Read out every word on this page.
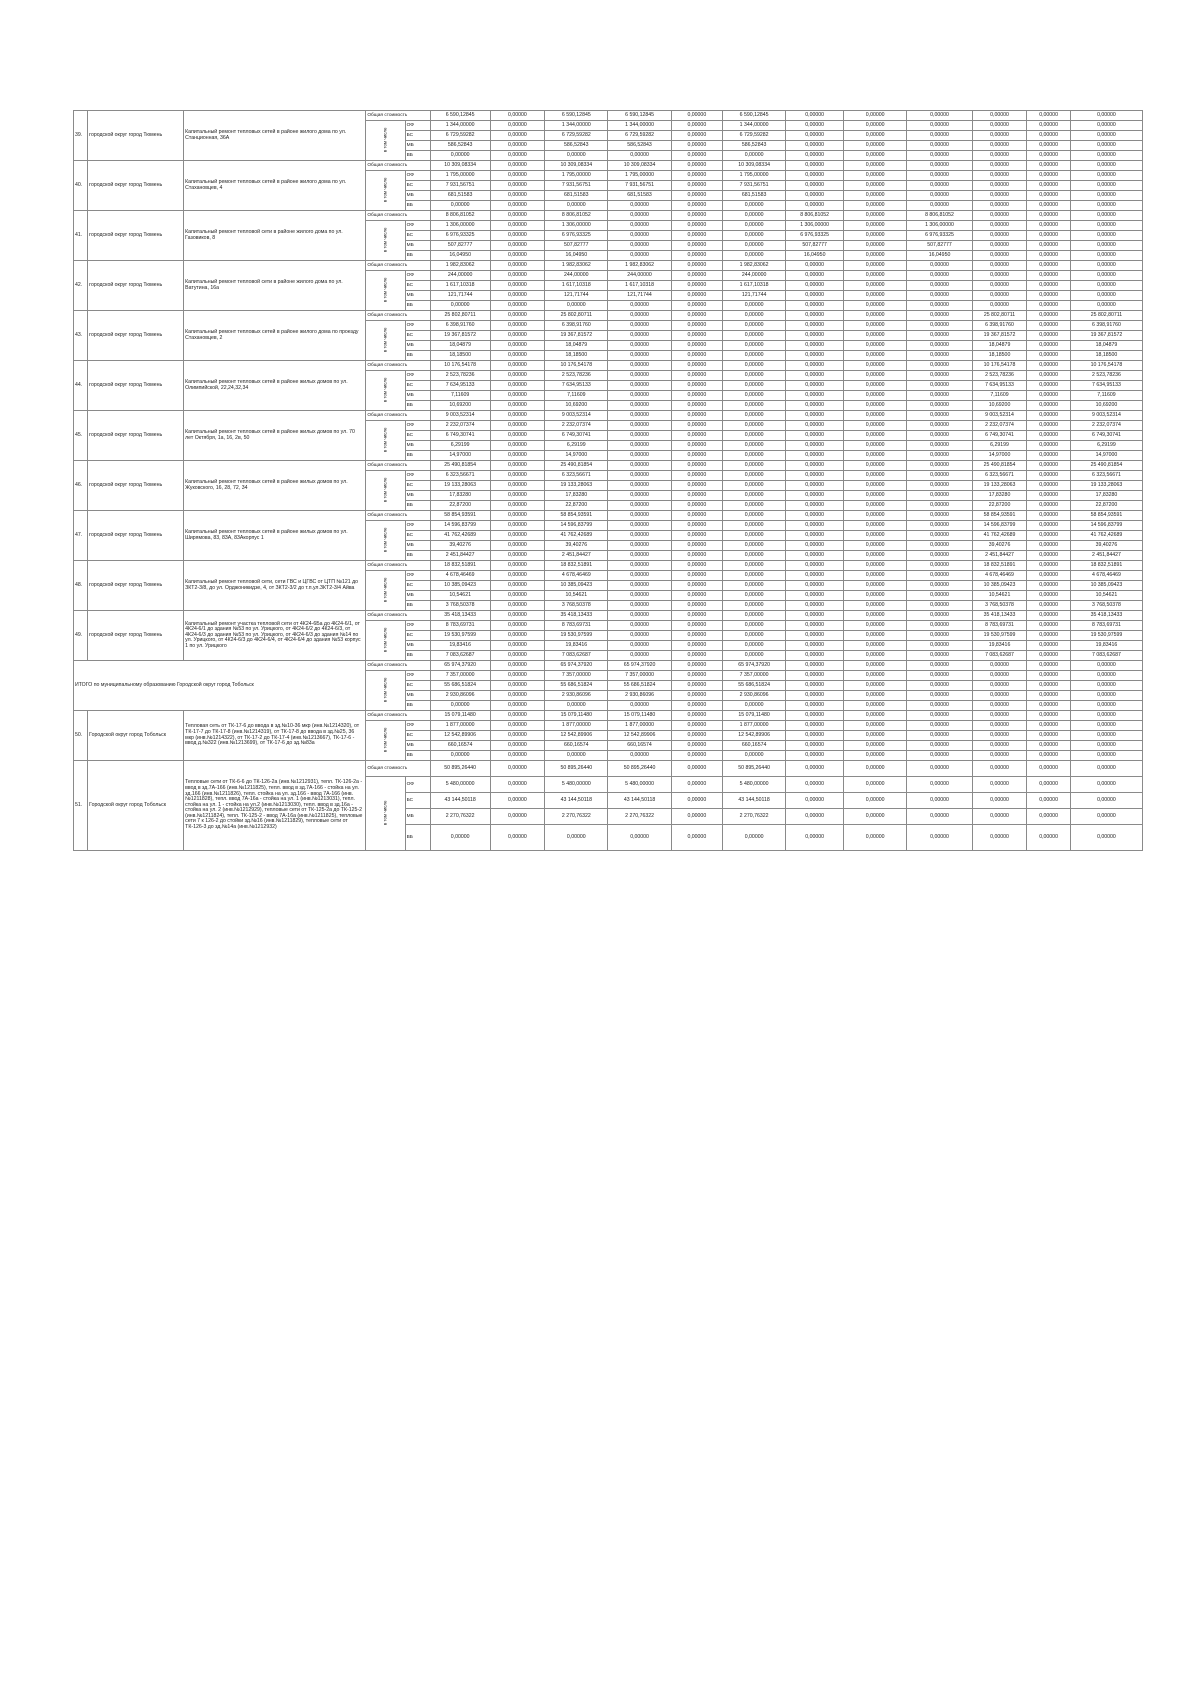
39.	городской округ город Тюмень	Капитальный ремонт тепловых сетей в районе жилого дома по ул. Станционная, 36А	Общая стоимость		6 590,12845	0,00000	6 590,12845	6 590,12845	0,00000	6 590,12845	0,00000	0,00000	0,00000	0,00000	0,00000	0,00000
			в том числе	ОФ	1 344,00000	0,00000	1 344,00000	1 344,00000	0,00000	1 344,00000	0,00000	0,00000	0,00000	0,00000	0,00000	0,00000
				БС	6 729,59282	0,00000	6 729,59282	6 729,59282	0,00000	6 729,59282	0,00000	0,00000	0,00000	0,00000	0,00000	0,00000
				МБ	586,52843	0,00000	586,52843	586,52843	0,00000	586,52843	0,00000	0,00000	0,00000	0,00000	0,00000	0,00000
				ВБ	0,00000	0,00000	0,00000	0,00000	0,00000	0,00000	0,00000	0,00000	0,00000	0,00000	0,00000	0,00000
40.	городской округ город Тюмень	Капитальный ремонт тепловых сетей в районе жилого дома по ул. Стахановцев, 4	Общая стоимость		10 309,08334	0,00000	10 309,08334	10 309,08334	0,00000	10 309,08334	0,00000	0,00000	0,00000	0,00000	0,00000	0,00000
			в том числе	ОФ	1 795,00000	0,00000	1 795,00000	1 795,00000	0,00000	1 795,00000	0,00000	0,00000	0,00000	0,00000	0,00000	0,00000
				БС	7 931,56751	0,00000	7 931,56751	7 931,56751	0,00000	7 931,56751	0,00000	0,00000	0,00000	0,00000	0,00000	0,00000
				МБ	681,51583	0,00000	681,51583	681,51583	0,00000	681,51583	0,00000	0,00000	0,00000	0,00000	0,00000	0,00000
				ВБ	0,00000	0,00000	0,00000	0,00000	0,00000	0,00000	0,00000	0,00000	0,00000	0,00000	0,00000	0,00000
41.	городской округ город Тюмень	Капитальный ремонт тепловой сети в районе жилого дома по ул. Газовиков, 8	Общая стоимость		8 806,81052	0,00000	8 806,81052	0,00000	0,00000	0,00000	8 806,81052	0,00000	8 806,81052	0,00000	0,00000	0,00000
			в том числе	ОФ	1 306,00000	0,00000	1 306,00000	0,00000	0,00000	0,00000	1 306,00000	0,00000	1 306,00000	0,00000	0,00000	0,00000
				БС	6 976,93325	0,00000	6 976,93325	0,00000	0,00000	0,00000	6 976,93325	0,00000	6 976,93325	0,00000	0,00000	0,00000
				МБ	507,82777	0,00000	507,82777	0,00000	0,00000	0,00000	507,82777	0,00000	507,82777	0,00000	0,00000	0,00000
				ВБ	16,04950	0,00000	16,04950	0,00000	0,00000	0,00000	16,04950	0,00000	16,04950	0,00000	0,00000	0,00000
42.	городской округ город Тюмень	Капитальный ремонт тепловой сети в районе жилого дома по ул. Ватутина, 16а	Общая стоимость		1 982,83062	0,00000	1 982,83062	1 982,83062	0,00000	1 982,83062	0,00000	0,00000	0,00000	0,00000	0,00000	0,00000
			в том числе	ОФ	244,00000	0,00000	244,00000	244,00000	0,00000	244,00000	0,00000	0,00000	0,00000	0,00000	0,00000	0,00000
				БС	1 617,10318	0,00000	1 617,10318	1 617,10318	0,00000	1 617,10318	0,00000	0,00000	0,00000	0,00000	0,00000	0,00000
				МБ	121,71744	0,00000	121,71744	121,71744	0,00000	121,71744	0,00000	0,00000	0,00000	0,00000	0,00000	0,00000
				ВБ	0,00000	0,00000	0,00000	0,00000	0,00000	0,00000	0,00000	0,00000	0,00000	0,00000	0,00000	0,00000
43.	городской округ город Тюмень	Капитальный ремонт тепловых сетей в районе жилого дома по проезду Стахановцев, 2	Общая стоимость		25 802,80711	0,00000	25 802,80711	0,00000	0,00000	0,00000	0,00000	0,00000	0,00000	25 802,80711	0,00000	25 802,80711
			в том числе	ОФ	6 398,91760	0,00000	6 398,91760	0,00000	0,00000	0,00000	0,00000	0,00000	0,00000	6 398,91760	0,00000	6 398,91760
				БС	19 367,81572	0,00000	19 367,81572	0,00000	0,00000	0,00000	0,00000	0,00000	0,00000	19 367,81572	0,00000	19 367,81572
				МБ	18,04879	0,00000	18,04879	0,00000	0,00000	0,00000	0,00000	0,00000	0,00000	18,04879	0,00000	18,04879
				ВБ	18,18500	0,00000	18,18500	0,00000	0,00000	0,00000	0,00000	0,00000	0,00000	18,18500	0,00000	18,18500
44.	городской округ город Тюмень	Капитальный ремонт тепловых сетей в районе жилых домов по ул. Олимпийской, 22,24,32,34	Общая стоимость		10 176,54178	0,00000	10 176,54178	0,00000	0,00000	0,00000	0,00000	0,00000	0,00000	10 176,54178	0,00000	10 176,54178
			в том числе	ОФ	2 523,78236	0,00000	2 523,78236	0,00000	0,00000	0,00000	0,00000	0,00000	0,00000	2 523,78236	0,00000	2 523,78236
				БС	7 634,95133	0,00000	7 634,95133	0,00000	0,00000	0,00000	0,00000	0,00000	0,00000	7 634,95133	0,00000	7 634,95133
				МБ	7,11609	0,00000	7,11609	0,00000	0,00000	0,00000	0,00000	0,00000	0,00000	7,11609	0,00000	7,11609
				ВБ	10,69200	0,00000	10,69200	0,00000	0,00000	0,00000	0,00000	0,00000	0,00000	10,69200	0,00000	10,69200
45.	городской округ город Тюмень	Капитальный ремонт тепловых сетей в районе жилых домов по ул. 70 лет Октября, 1а, 16, 2в, 50	Общая стоимость		9 003,52314	0,00000	9 003,52314	0,00000	0,00000	0,00000	0,00000	0,00000	0,00000	9 003,52314	0,00000	9 003,52314
			в том числе	ОФ	2 232,07374	0,00000	2 232,07374	0,00000	0,00000	0,00000	0,00000	0,00000	0,00000	2 232,07374	0,00000	2 232,07374
				БС	6 749,30741	0,00000	6 749,30741	0,00000	0,00000	0,00000	0,00000	0,00000	0,00000	6 749,30741	0,00000	6 749,30741
				МБ	6,29199	0,00000	6,29199	0,00000	0,00000	0,00000	0,00000	0,00000	0,00000	6,29199	0,00000	6,29199
				ВБ	14,97000	0,00000	14,97000	0,00000	0,00000	0,00000	0,00000	0,00000	0,00000	14,97000	0,00000	14,97000
46.	городской округ город Тюмень	Капитальный ремонт тепловых сетей в районе жилых домов по ул. Жуковского, 16, 28, 72, 34	Общая стоимость		25 490,81854	0,00000	25 490,81854	0,00000	0,00000	0,00000	0,00000	0,00000	0,00000	25 490,81854	0,00000	25 490,81854
			в том числе	ОФ	6 323,56671	0,00000	6 323,56671	0,00000	0,00000	0,00000	0,00000	0,00000	0,00000	6 323,56671	0,00000	6 323,56671
				БС	19 133,28063	0,00000	19 133,28063	0,00000	0,00000	0,00000	0,00000	0,00000	0,00000	19 133,28063	0,00000	19 133,28063
				МБ	17,83280	0,00000	17,83280	0,00000	0,00000	0,00000	0,00000	0,00000	0,00000	17,83280	0,00000	17,83280
				ВБ	22,87200	0,00000	22,87200	0,00000	0,00000	0,00000	0,00000	0,00000	0,00000	22,87200	0,00000	22,87200
47.	городской округ город Тюмень	Капитальный ремонт тепловых сетей в районе жилых домов по ул. Ширямова, 83, 83А, 83Акорпус 1	Общая стоимость		58 854,93591	0,00000	58 854,93591	0,00000	0,00000	0,00000	0,00000	0,00000	0,00000	58 854,93591	0,00000	58 854,93591
			в том числе	ОФ	14 596,83799	0,00000	14 596,83799	0,00000	0,00000	0,00000	0,00000	0,00000	0,00000	14 596,83799	0,00000	14 596,83799
				БС	41 762,42689	0,00000	41 762,42689	0,00000	0,00000	0,00000	0,00000	0,00000	0,00000	41 762,42689	0,00000	41 762,42689
				МБ	39,40276	0,00000	39,40276	0,00000	0,00000	0,00000	0,00000	0,00000	0,00000	39,40276	0,00000	39,40276
				ВБ	2 451,84427	0,00000	2 451,84427	0,00000	0,00000	0,00000	0,00000	0,00000	0,00000	2 451,84427	0,00000	2 451,84427
48.	городской округ город Тюмень	Капитальный ремонт тепловой сети, сети ГВС и ЦГВС от ЦТП №121 до ЗКТ2-3/8, до ул. Орджоникидзе, 4, от ЗКТ2-3/2 до т.п.ул.ЗКТ2-3/4 Айва	Общая стоимость		18 832,51891	0,00000	18 832,51891	0,00000	0,00000	0,00000	0,00000	0,00000	0,00000	18 832,51891	0,00000	18 832,51891
			в том числе	ОФ	4 678,46469	0,00000	4 678,46469	0,00000	0,00000	0,00000	0,00000	0,00000	0,00000	4 678,46469	0,00000	4 678,46469
				БС	10 385,09423	0,00000	10 385,09423	0,00000	0,00000	0,00000	0,00000	0,00000	0,00000	10 385,09423	0,00000	10 385,09423
				МБ	10,54621	0,00000	10,54621	0,00000	0,00000	0,00000	0,00000	0,00000	0,00000	10,54621	0,00000	10,54621
				ВБ	3 768,50378	0,00000	3 768,50378	0,00000	0,00000	0,00000	0,00000	0,00000	0,00000	3 768,50378	0,00000	3 768,50378
49.	городской округ город Тюмень	Капитальный ремонт участка тепловой сети от 4К24-6Ба до 4К24-6/1, от 4К24-6/1 до здания №53 по ул. Урицкого, от 4К24-6/2 до 4К24-6/3, от 4К24-6/3 до здания №53 по ул. Урицкого, от 4К24-6/3 до здания №14 по ул. Урицкого, от 4К24-6/3 до 4К24-6/4, от 4К24-6/4 до здания №53 корпус 1 по ул. Урицкого	Общая стоимость		35 418,13433	0,00000	35 418,13433	0,00000	0,00000	0,00000	0,00000	0,00000	0,00000	35 418,13433	0,00000	35 418,13433
			в том числе	ОФ	8 783,69731	0,00000	8 783,69731	0,00000	0,00000	0,00000	0,00000	0,00000	0,00000	8 783,69731	0,00000	8 783,69731
				БС	19 530,97599	0,00000	19 530,97599	0,00000	0,00000	0,00000	0,00000	0,00000	0,00000	19 530,97599	0,00000	19 530,97599
				МБ	19,83416	0,00000	19,83416	0,00000	0,00000	0,00000	0,00000	0,00000	0,00000	19,83416	0,00000	19,83416
				ВБ	7 083,62687	0,00000	7 083,62687	0,00000	0,00000	0,00000	0,00000	0,00000	0,00000	7 083,62687	0,00000	7 083,62687
ИТОГО по муниципальному образованию Городской округ город Тобольск			Общая стоимость		65 974,37920	0,00000	65 974,37920	65 974,37920	0,00000	65 974,37920	0,00000	0,00000	0,00000	0,00000	0,00000	0,00000
			в том числе	ОФ	7 357,00000	0,00000	7 357,00000	7 357,00000	0,00000	7 357,00000	0,00000	0,00000	0,00000	0,00000	0,00000	0,00000
				БС	55 686,51824	0,00000	55 686,51824	55 686,51824	0,00000	55 686,51824	0,00000	0,00000	0,00000	0,00000	0,00000	0,00000
				МБ	2 930,86096	0,00000	2 930,86096	2 930,86096	0,00000	2 930,86096	0,00000	0,00000	0,00000	0,00000	0,00000	0,00000
				ВБ	0,00000	0,00000	0,00000	0,00000	0,00000	0,00000	0,00000	0,00000	0,00000	0,00000	0,00000	0,00000
50.	Городской округ город Тобольск	Тепловая сеть от ТК-17-6 до ввода в зд.№10-36 мкр (инв.№1214320), от ТК-17-7 до ТК-17-8 (инв.№1214319), от ТК-17-8 до ввода в зд.№25, 36 мкр (инв.№1214322), от ТК-17-2 до ТК-17-4 (инв.№1213667), ТК-17-6 - ввод д.№322 (инв.№1213699), от ТК-17-6 до зд.№83а	Общая стоимость		15 079,11480	0,00000	15 079,11480	15 079,11480	0,00000	15 079,11480	0,00000	0,00000	0,00000	0,00000	0,00000	0,00000
			в том числе	ОФ	1 877,00000	0,00000	1 877,00000	1 877,00000	0,00000	1 877,00000	0,00000	0,00000	0,00000	0,00000	0,00000	0,00000
				БС	12 542,89906	0,00000	12 542,89906	12 542,89906	0,00000	12 542,89906	0,00000	0,00000	0,00000	0,00000	0,00000	0,00000
				МБ	660,16574	0,00000	660,16574	660,16574	0,00000	660,16574	0,00000	0,00000	0,00000	0,00000	0,00000	0,00000
				ВБ	0,00000	0,00000	0,00000	0,00000	0,00000	0,00000	0,00000	0,00000	0,00000	0,00000	0,00000	0,00000
51.	Городской округ город Тобольск	Тепловые сети от ТК-6-6 до ТК-126-2а (инв.№1212931), тепл. ТК-126-2а - ввод в зд.7А-166 (инв.№1211825), тепл. ввод в зд.7А-166 - стойка на ул. зд.166 (инв.№1211826), тепл. стойка на ул. зд.166 - ввод 7А-166 (инв.№1211828), тепл. ввод 7А-16а - стойка на ул. 1 (инв.№1213031), тепл. стойка на ул. 1 - стойка на ул.2 (инв.№1213030), тепл. ввод в зд.16а - стойка на ул. 2 (инв.№1212929), тепловые сети от ТК-125-2а до ТК-125-2 (инв.№1211824), тепл. ТК-125-2 - ввод 7А-16а (инв.№1211825), тепловые сети 7 к 126-2 до стойки зд.№16 (инв.№1211829), тепловые сети от ТК-126-3 до зд.№14а (инв.№1212932)	Общая стоимость		50 895,26440	0,00000	50 895,26440	50 895,26440	0,00000	50 895,26440	0,00000	0,00000	0,00000	0,00000	0,00000	0,00000
			в том числе	ОФ	5 480,00000	0,00000	5 480,00000	5 480,00000	0,00000	5 480,00000	0,00000	0,00000	0,00000	0,00000	0,00000	0,00000
				БС	43 144,50118	0,00000	43 144,50118	43 144,50118	0,00000	43 144,50118	0,00000	0,00000	0,00000	0,00000	0,00000	0,00000
				МБ	2 270,76322	0,00000	2 270,76322	2 270,76322	0,00000	2 270,76322	0,00000	0,00000	0,00000	0,00000	0,00000	0,00000
				ВБ	0,00000	0,00000	0,00000	0,00000	0,00000	0,00000	0,00000	0,00000	0,00000	0,00000	0,00000	0,00000
